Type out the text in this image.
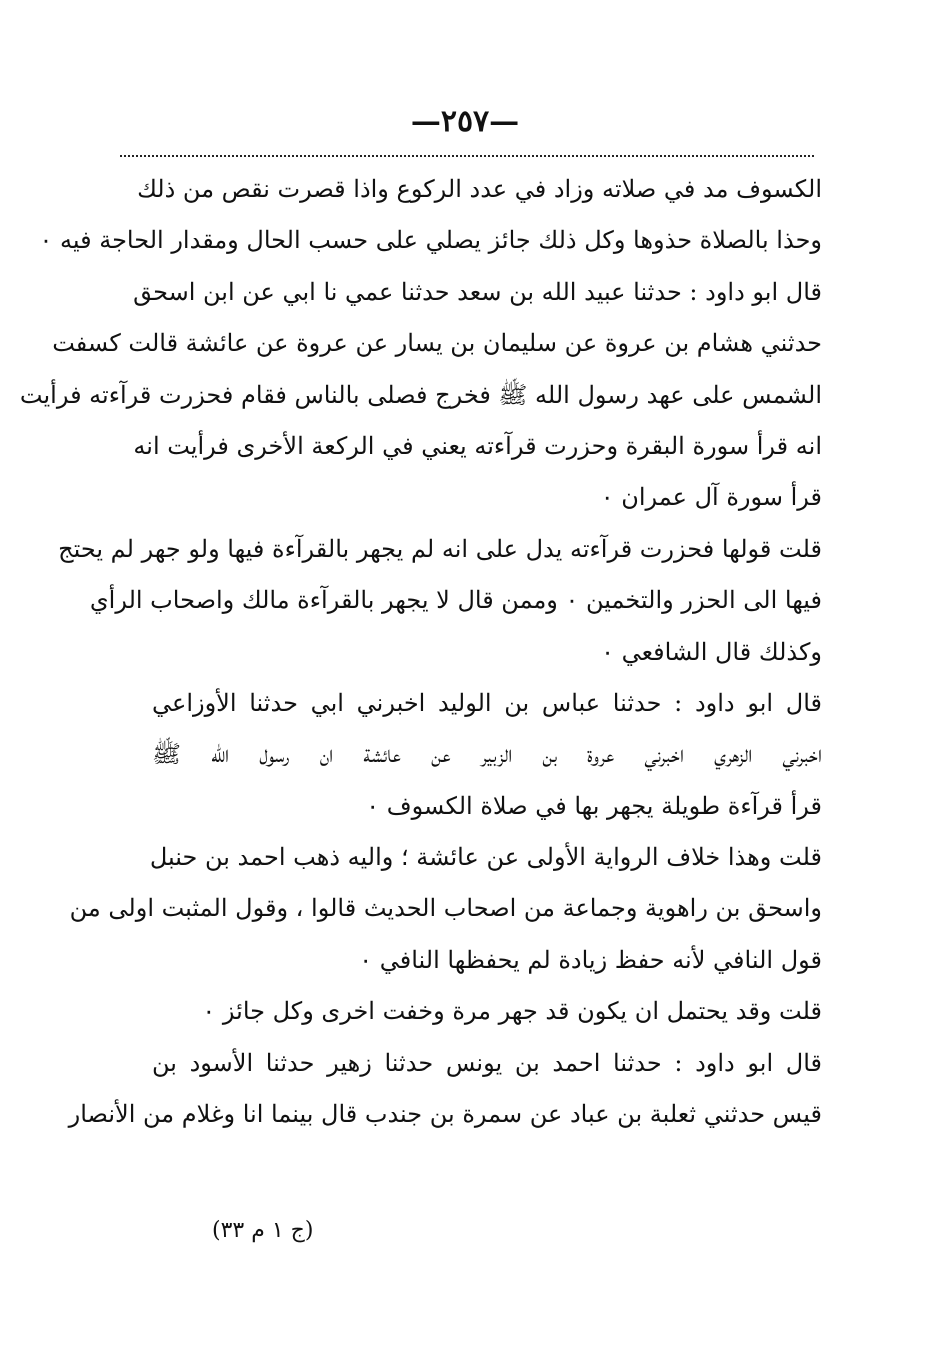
—٢٥٧—
الكسوف مد في صلاته وزاد في عدد الركوع واذا قصرت نقص من ذلك
وحذا بالصلاة حذوها وكل ذلك جائز يصلي على حسب الحال ومقدار الحاجة فيه ٠
قال ابو داود : حدثنا عبيد الله بن سعد حدثنا عمي نا ابي عن ابن اسحق
حدثني هشام بن عروة عن سليمان بن يسار عن عروة عن عائشة قالت كسفت
الشمس على عهد رسول الله ﷺ فخرج فصلى بالناس فقام فحزرت قرآءته فرأيت
انه قرأ سورة البقرة وحزرت قرآءته يعني في الركعة الأخرى فرأيت انه
قرأ سورة آل عمران ٠
قلت قولها فحزرت قرآءته يدل على انه لم يجهر بالقرآءة فيها ولو جهر لم يحتج
فيها الى الحزر والتخمين ٠ وممن قال لا يجهر بالقرآءة مالك واصحاب الرأي
وكذلك قال الشافعي ٠
قال ابو داود : حدثنا عباس بن الوليد اخبرني ابي حدثنا الأوزاعي
اخبرني الزهري اخبرني عروة بن الزبير عن عائشة ان رسول الله ﷺ
قرأ قرآءة طويلة يجهر بها في صلاة الكسوف ٠
قلت وهذا خلاف الرواية الأولى عن عائشة ؛ واليه ذهب احمد بن حنبل
واسحق بن راهوية وجماعة من اصحاب الحديث قالوا ، وقول المثبت اولى من
قول النافي لأنه حفظ زيادة لم يحفظها النافي ٠
قلت وقد يحتمل ان يكون قد جهر مرة وخفت اخرى وكل جائز ٠
قال ابو داود : حدثنا احمد بن يونس حدثنا زهير حدثنا الأسود بن
قيس حدثني ثعلبة بن عباد عن سمرة بن جندب قال بينما انا وغلام من الأنصار
(ج ١ م ٣٣)
